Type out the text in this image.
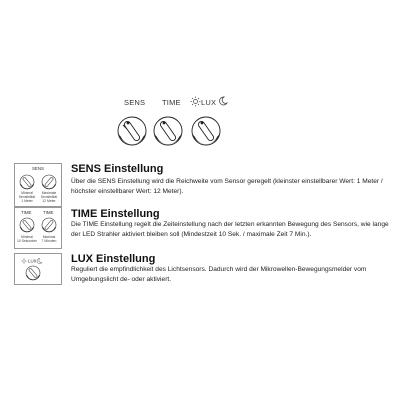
SENS TIME	LUX
SENS
Minimal
Sensibilität
1 Meter
Maximale
Sensibilität
12 Meter
SENS Einstellung
Über die SENS Einstellung wird die Reichweite vom Sensor geregelt (kleinster einstellbarer Wert: 1 Meter / höchster einstellbarer Wert: 12 Meter).
TIME	TIME
Minimal
10 Sekunden
Maximal
7 Minuten
TIME Einstellung
Die TIME Einstellung regelt die Zeiteinstellung nach der letzten erkannten Bewegung des Sensors, wie lange der LED Strahler aktiviert bleiben soll (Mindestzeit 10 Sek. / maximale Zeit 7 Min.).
LUX	LUX Einstellung
Reguliert die empfindlichkeit des Lichtsensors. Dadurch wird der Mikrowellen-Bewegungsmelder vom Umgebungslicht de- oder aktiviert.
